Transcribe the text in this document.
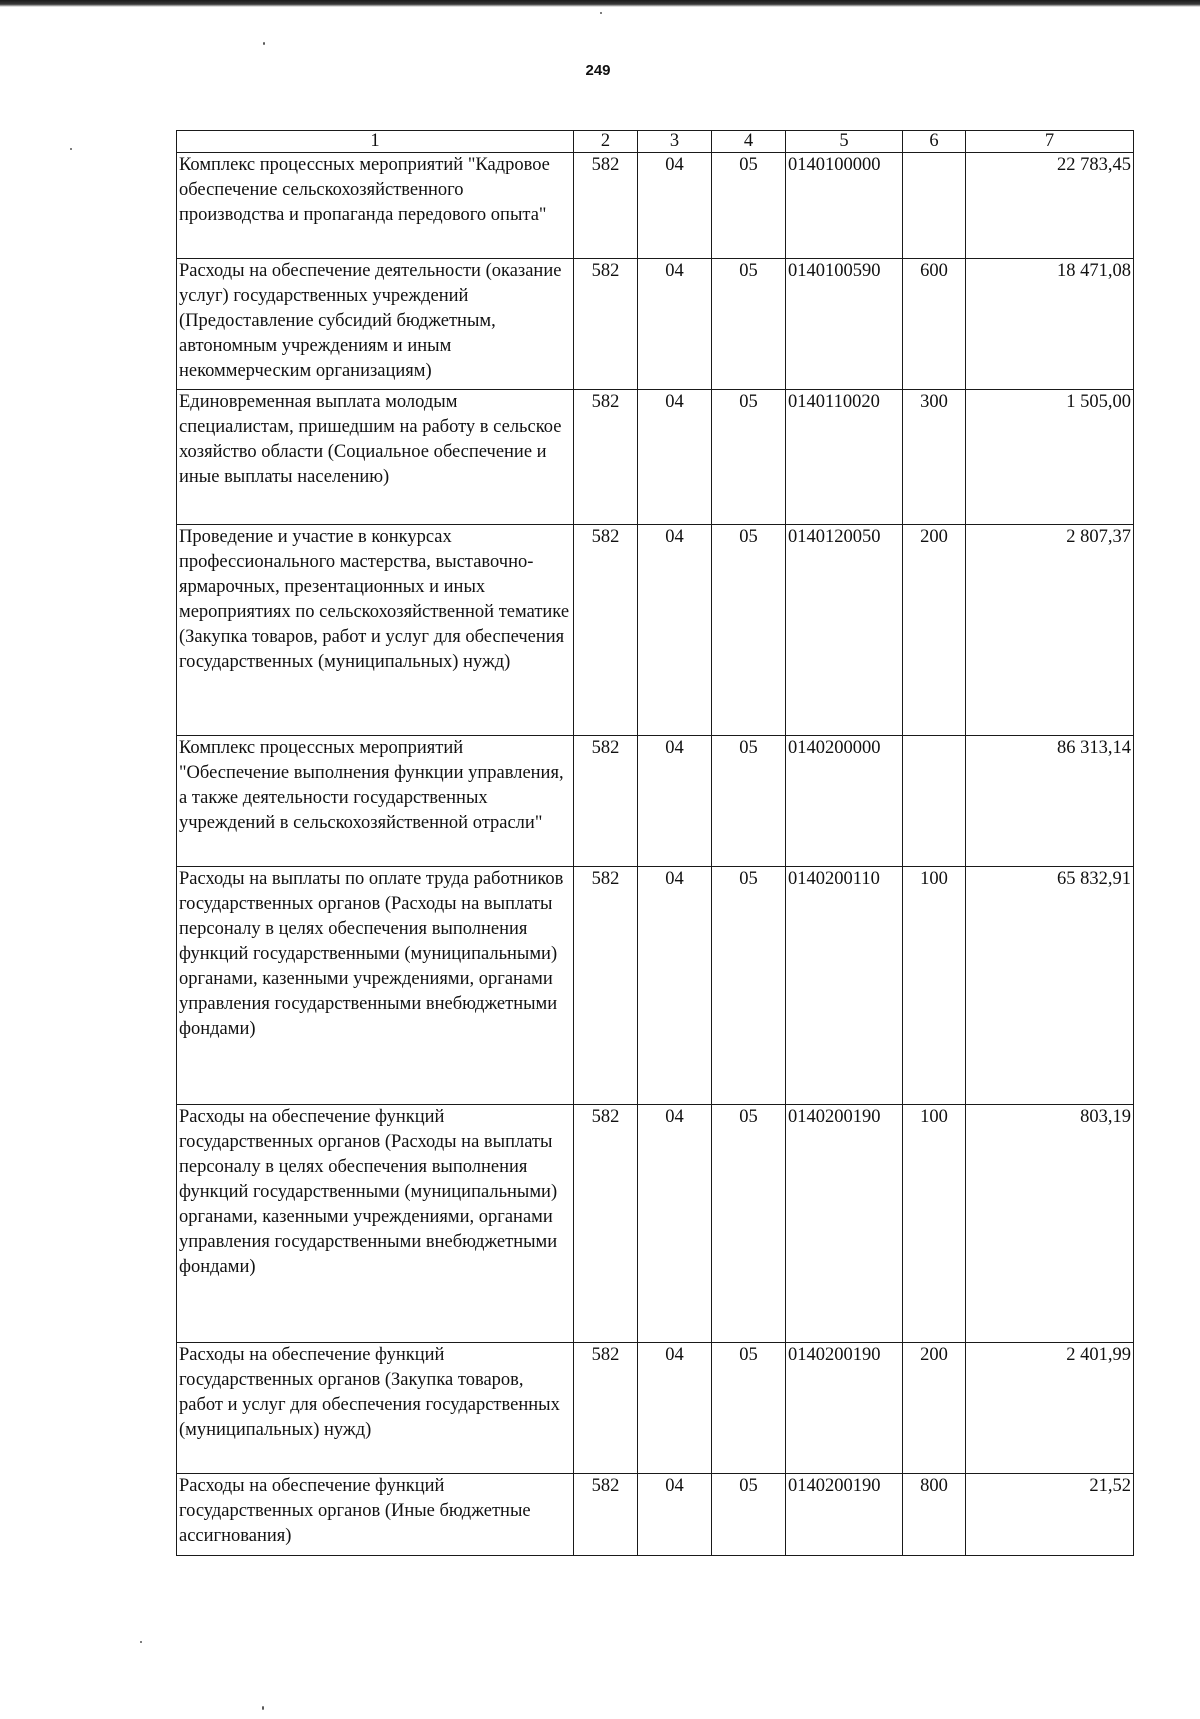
249
1	2	3	4	5	6	7
Комплекс процессных мероприятий "Кадровое обеспечение сельскохозяйственного производства и пропаганда передового опыта"	582	04	05	0140100000		22 783,45
Расходы на обеспечение деятельности (оказание услуг) государственных учреждений (Предоставление субсидий бюджетным, автономным учреждениям и иным некоммерческим организациям)	582	04	05	0140100590	600	18 471,08
Единовременная выплата молодым специалистам, пришедшим на работу в сельское хозяйство области (Социальное обеспечение и иные выплаты населению)	582	04	05	0140110020	300	1 505,00
Проведение и участие в конкурсах профессионального мастерства, выставочно-ярмарочных, презентационных и иных мероприятиях по сельскохозяйственной тематике (Закупка товаров, работ и услуг для обеспечения государственных (муниципальных) нужд)	582	04	05	0140120050	200	2 807,37
Комплекс процессных мероприятий "Обеспечение выполнения функции управления, а также деятельности государственных учреждений в сельскохозяйственной отрасли"	582	04	05	0140200000		86 313,14
Расходы на выплаты по оплате труда работников государственных органов (Расходы на выплаты персоналу в целях обеспечения выполнения функций государственными (муниципальными) органами, казенными учреждениями, органами управления государственными внебюджетными фондами)	582	04	05	0140200110	100	65 832,91
Расходы на обеспечение функций государственных органов (Расходы на выплаты персоналу в целях обеспечения выполнения функций государственными (муниципальными) органами, казенными учреждениями, органами управления государственными внебюджетными фондами)	582	04	05	0140200190	100	803,19
Расходы на обеспечение функций государственных органов (Закупка товаров, работ и услуг для обеспечения государственных (муниципальных) нужд)	582	04	05	0140200190	200	2 401,99
Расходы на обеспечение функций государственных органов (Иные бюджетные ассигнования)	582	04	05	0140200190	800	21,52
